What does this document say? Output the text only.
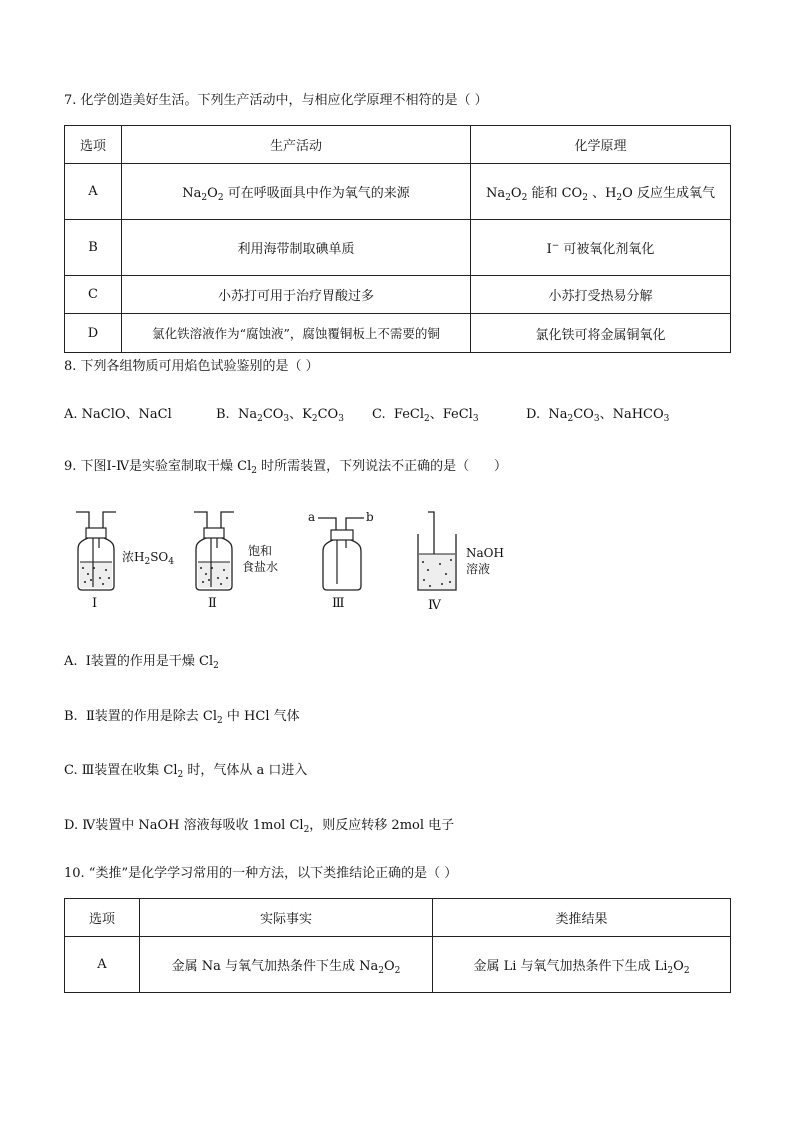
7. 化学创造美好生活。下列生产活动中，与相应化学原理不相符的是（ ）
选项	生产活动	化学原理
A	$Na_2O_2$ 可在呼吸面具中作为氧气的来源	$Na_2O_2$ 能和 $CO_2$ 、$H_2O$ 反应生成氧气
B	利用海带制取碘单质	I− 可被氧化剂氧化
C	小苏打可用于治疗胃酸过多	小苏打受热易分解
D	氯化铁溶液作为“腐蚀液”，腐蚀覆铜板上不需要的铜	氯化铁可将金属铜氧化
8. 下列各组物质可用焰色试验鉴别的是（ ）
A. NaClO、NaCl	B.  $Na_2CO_3$、$K_2CO_3$ C.  FeCl$_2$、FeCl$_3$	D.  $Na_2CO_3$、NaHCO$_3$
9. 下图Ⅰ-Ⅳ是实验室制取干燥 $Cl_2$ 时所需装置，下列说法不正确的是（      ）
浓$H_2SO_4$
Ⅰ
饱和
食盐水
Ⅱ
a	b
Ⅲ
NaOH
溶液
Ⅳ
A.  Ⅰ装置的作用是干燥 $Cl_2$
B.  Ⅱ装置的作用是除去 $Cl_2$ 中 HCl 气体
C. Ⅲ装置在收集 $Cl_2$ 时，气体从 a 口进入
D. Ⅳ装置中 NaOH 溶液每吸收 1mol $Cl_2$，则反应转移 2mol 电子
10. “类推”是化学学习常用的一种方法，以下类推结论正确的是（ ）
选项	实际事实	类推结果
A	金属 Na 与氧气加热条件下生成 $Na_2O_2$	金属 Li 与氧气加热条件下生成 $Li_2O_2$
